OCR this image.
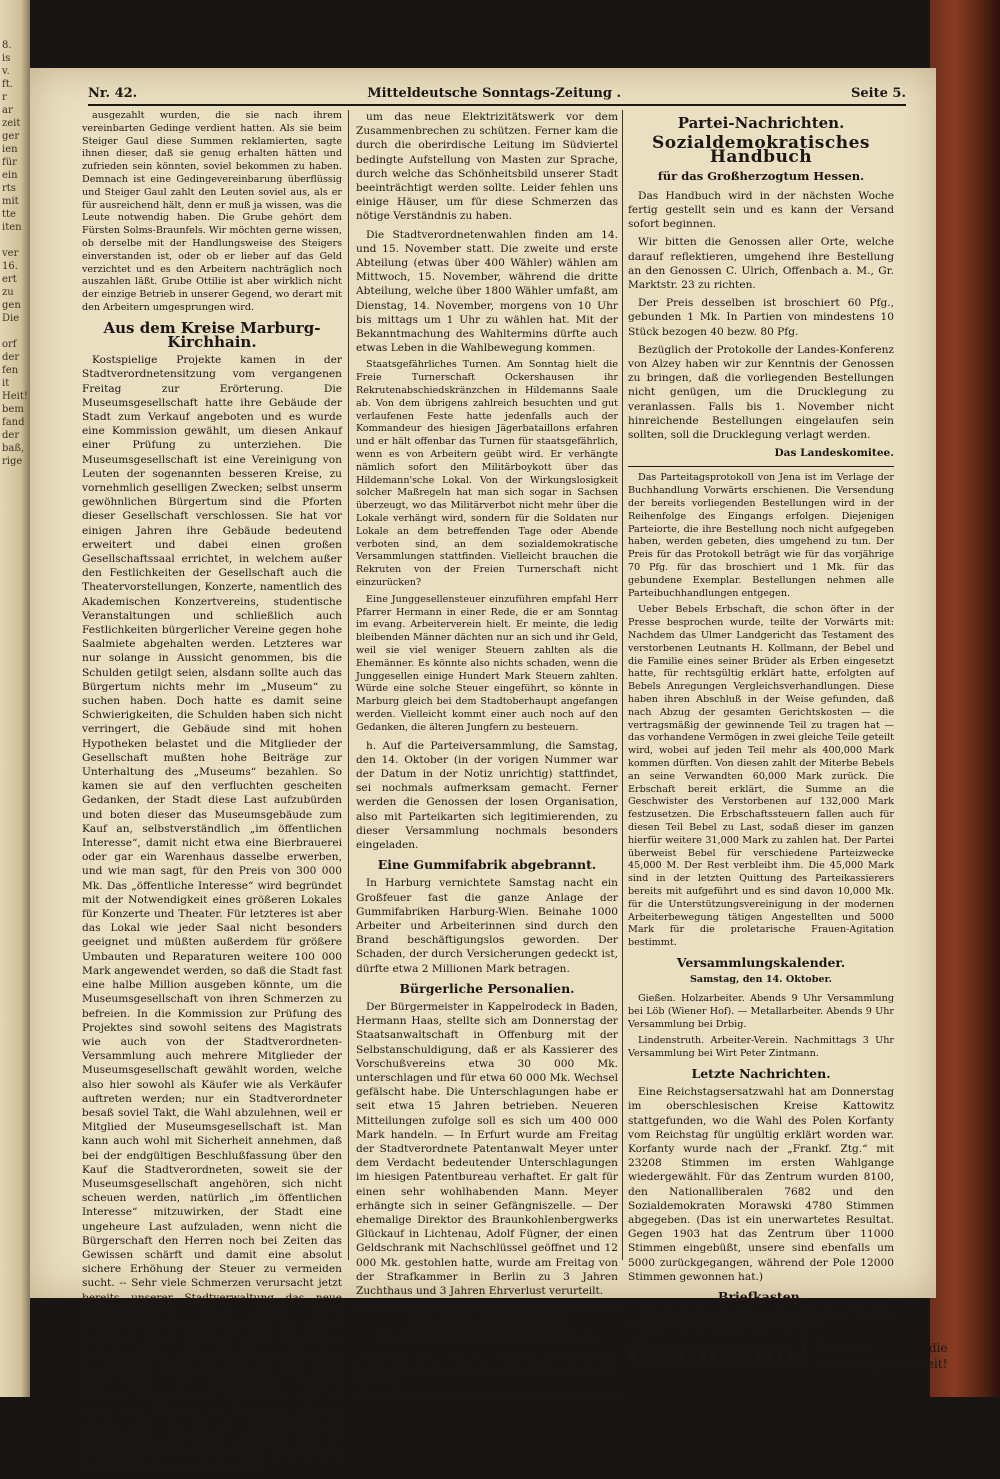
8.
is
v.
ft.
r
ar
zeit
ger
ien
für
ein
rts
mit
tte
iten

ver
16.
ert
zu
gen
Die

orf
der
fen
it
Heit!
bem
fand
der
baß,
rige
Nr. 42.	Mitteldeutsche Sonntags-Zeitung .	Seite 5.

ausgezahlt wurden, die sie nach ihrem vereinbarten Gedinge verdient hatten. Als sie beim Steiger Gaul diese Summen reklamierten, sagte ihnen dieser, daß sie genug erhalten hätten und zufrieden sein könnten, soviel bekommen zu haben. Demnach ist eine Gedingevereinbarung überflüssig und Steiger Gaul zahlt den Leuten soviel aus, als er für ausreichend hält, denn er muß ja wissen, was die Leute notwendig haben. Die Grube gehört dem Fürsten Solms-Braunfels. Wir möchten gerne wissen, ob derselbe mit der Handlungsweise des Steigers einverstanden ist, oder ob er lieber auf das Geld verzichtet und es den Arbeitern nachträglich noch auszahlen läßt. Grube Ottilie ist aber wirklich nicht der einzige Betrieb in unserer Gegend, wo derart mit den Arbeitern umgesprungen wird.

Aus dem Kreise Marburg-Kirchhain.

Kostspielige Projekte kamen in der Stadtverordnetensitzung vom vergangenen Freitag zur Erörterung. Die Museumsgesellschaft hatte ihre Gebäude der Stadt zum Verkauf angeboten und es wurde eine Kommission gewählt, um diesen Ankauf einer Prüfung zu unterziehen. Die Museumsgesellschaft ist eine Vereinigung von Leuten der sogenannten besseren Kreise, zu vornehmlich geselligen Zwecken; selbst unserm gewöhnlichen Bürgertum sind die Pforten dieser Gesellschaft verschlossen. Sie hat vor einigen Jahren ihre Gebäude bedeutend erweitert und dabei einen großen Gesellschaftssaal errichtet, in welchem außer den Festlichkeiten der Gesellschaft auch die Theatervorstellungen, Konzerte, namentlich des Akademischen Konzertvereins, studentische Veranstaltungen und schließlich auch Festlichkeiten bürgerlicher Vereine gegen hohe Saalmiete abgehalten werden. Letzteres war nur solange in Aussicht genommen, bis die Schulden getilgt seien, alsdann sollte auch das Bürgertum nichts mehr im „Museum“ zu suchen haben. Doch hatte es damit seine Schwierigkeiten, die Schulden haben sich nicht verringert, die Gebäude sind mit hohen Hypotheken belastet und die Mitglieder der Gesellschaft mußten hohe Beiträge zur Unterhaltung des „Museums“ bezahlen. So kamen sie auf den verfluchten gescheiten Gedanken, der Stadt diese Last aufzubürden und boten dieser das Museumsgebäude zum Kauf an, selbstverständlich „im öffentlichen Interesse“, damit nicht etwa eine Bierbrauerei oder gar ein Warenhaus dasselbe erwerben, und wie man sagt, für den Preis von 300 000 Mk. Das „öffentliche Interesse“ wird begründet mit der Notwendigkeit eines größeren Lokales für Konzerte und Theater. Für letzteres ist aber das Lokal wie jeder Saal nicht besonders geeignet und müßten außerdem für größere Umbauten und Reparaturen weitere 100 000 Mark angewendet werden, so daß die Stadt fast eine halbe Million ausgeben könnte, um die Museumsgesellschaft von ihren Schmerzen zu befreien. In die Kommission zur Prüfung des Projektes sind sowohl seitens des Magistrats wie auch von der Stadtverordneten-Versammlung auch mehrere Mitglieder der Museumsgesellschaft gewählt worden, welche also hier sowohl als Käufer wie als Verkäufer auftreten werden; nur ein Stadtverordneter besaß soviel Takt, die Wahl abzulehnen, weil er Mitglied der Museumsgesellschaft ist. Man kann auch wohl mit Sicherheit annehmen, daß bei der endgültigen Beschlußfassung über den Kauf die Stadtverordneten, soweit sie der Museumsgesellschaft angehören, sich nicht scheuen werden, natürlich „im öffentlichen Interesse“ mitzuwirken, der Stadt eine ungeheure Last aufzuladen, wenn nicht die Bürgerschaft den Herren noch bei Zeiten das Gewissen schärft und damit eine absolut sichere Erhöhung der Steuer zu vermeiden sucht. -- Sehr viele Schmerzen verursacht jetzt bereits unserer Stadtverwaltung das neue Elektrizitätswerk. Nach gutem altem Schöppenstedter Vorbild hat man ein solches modernes Werk in einer alten, morschen, niedrigen Mühle untergebracht, in welche man das Licht in Säcken hineintragen muß. Wenn diese Mühle als „Baudenkmal“ wirklich erhalten bleiben müßte, dann hätte man sie ruhig den Mäusen als Herberge belassen sollen, aber sie in ein Elektrizitätswerk umzuwandeln, das hätten schließlich auch die Schöppenstedter fertig gebracht. Jetzt müssen bereits Schienen gezogen werden,

um das neue Elektrizitätswerk vor dem Zusammenbrechen zu schützen. Ferner kam die durch die oberirdische Leitung im Südviertel bedingte Aufstellung von Masten zur Sprache, durch welche das Schönheitsbild unserer Stadt beeinträchtigt werden sollte. Leider fehlen uns einige Häuser, um für diese Schmerzen das nötige Verständnis zu haben.

Die Stadtverordnetenwahlen finden am 14. und 15. November statt. Die zweite und erste Abteilung (etwas über 400 Wähler) wählen am Mittwoch, 15. November, während die dritte Abteilung, welche über 1800 Wähler umfaßt, am Dienstag, 14. November, morgens von 10 Uhr bis mittags um 1 Uhr zu wählen hat. Mit der Bekanntmachung des Wahltermins dürfte auch etwas Leben in die Wahlbewegung kommen.

Staatsgefährliches Turnen. Am Sonntag hielt die Freie Turnerschaft Ockershausen ihr Rekrutenabschiedskränzchen in Hildemanns Saale ab. Von dem übrigens zahlreich besuchten und gut verlaufenen Feste hatte jedenfalls auch der Kommandeur des hiesigen Jägerbataillons erfahren und er hält offenbar das Turnen für staatsgefährlich, wenn es von Arbeitern geübt wird. Er verhängte nämlich sofort den Militärboykott über das Hildemann'sche Lokal. Von der Wirkungslosigkeit solcher Maßregeln hat man sich sogar in Sachsen überzeugt, wo das Militärverbot nicht mehr über die Lokale verhängt wird, sondern für die Soldaten nur Lokale an dem betreffenden Tage oder Abende verboten sind, an dem sozialdemokratische Versammlungen stattfinden. Vielleicht brauchen die Rekruten von der Freien Turnerschaft nicht einzurücken?

Eine Junggesellensteuer einzuführen empfahl Herr Pfarrer Hermann in einer Rede, die er am Sonntag im evang. Arbeiterverein hielt. Er meinte, die ledig bleibenden Männer dächten nur an sich und ihr Geld, weil sie viel weniger Steuern zahlten als die Ehemänner. Es könnte also nichts schaden, wenn die Junggesellen einige Hundert Mark Steuern zahlten. Würde eine solche Steuer eingeführt, so könnte in Marburg gleich bei dem Stadtoberhaupt angefangen werden. Vielleicht kommt einer auch noch auf den Gedanken, die älteren Jungfern zu besteuern.

h. Auf die Parteiversammlung, die Samstag, den 14. Oktober (in der vorigen Nummer war der Datum in der Notiz unrichtig) stattfindet, sei nochmals aufmerksam gemacht. Ferner werden die Genossen der losen Organisation, also mit Parteikarten sich legitimierenden, zu dieser Versammlung nochmals besonders eingeladen.

Eine Gummifabrik abgebrannt.

In Harburg vernichtete Samstag nacht ein Großfeuer fast die ganze Anlage der Gummifabriken Harburg-Wien. Beinahe 1000 Arbeiter und Arbeiterinnen sind durch den Brand beschäftigungslos geworden. Der Schaden, der durch Versicherungen gedeckt ist, dürfte etwa 2 Millionen Mark betragen.

Bürgerliche Personalien.

Der Bürgermeister in Kappelrodeck in Baden, Hermann Haas, stellte sich am Donnerstag der Staatsanwaltschaft in Offenburg mit der Selbstanschuldigung, daß er als Kassierer des Vorschußvereins etwa 30 000 Mk. unterschlagen und für etwa 60 000 Mk. Wechsel gefälscht habe. Die Unterschlagungen habe er seit etwa 15 Jahren betrieben. Neueren Mitteilungen zufolge soll es sich um 400 000 Mark handeln. — In Erfurt wurde am Freitag der Stadtverordnete Patentanwalt Meyer unter dem Verdacht bedeutender Unterschlagungen im hiesigen Patentbureau verhaftet. Er galt für einen sehr wohlhabenden Mann. Meyer erhängte sich in seiner Gefängniszelle. — Der ehemalige Direktor des Braunkohlenbergwerks Glückauf in Lichtenau, Adolf Fügner, der einen Geldschrank mit Nachschlüssel geöffnet und 12 000 Mk. gestohlen hatte, wurde am Freitag von der Strafkammer in Berlin zu 3 Jahren Zuchthaus und 3 Jahren Ehrverlust verurteilt.

Das Landessekretariat
der sozialdemokratischen Partei Hessens

befindet sich seit 1. Oktober in Offenbach, Bahnhofstraße 39. Sekretär ist Reichstagsabgeordn. Dr. David.

Partei-Nachrichten.
Sozialdemokratisches Handbuch
für das Großherzogtum Hessen.

Das Handbuch wird in der nächsten Woche fertig gestellt sein und es kann der Versand sofort beginnen.

Wir bitten die Genossen aller Orte, welche darauf reflektieren, umgehend ihre Bestellung an den Genossen C. Ulrich, Offenbach a. M., Gr. Marktstr. 23 zu richten.

Der Preis desselben ist broschiert 60 Pfg., gebunden 1 Mk. In Partien von mindestens 10 Stück bezogen 40 bezw. 80 Pfg.

Bezüglich der Protokolle der Landes-Konferenz von Alzey haben wir zur Kenntnis der Genossen zu bringen, daß die vorliegenden Bestellungen nicht genügen, um die Drucklegung zu veranlassen. Falls bis 1. November nicht hinreichende Bestellungen eingelaufen sein sollten, soll die Drucklegung verlagt werden.

Das Landeskomitee.

Das Parteitagsprotokoll von Jena ist im Verlage der Buchhandlung Vorwärts erschienen. Die Versendung der bereits vorliegenden Bestellungen wird in der Reihenfolge des Eingangs erfolgen. Diejenigen Parteiorte, die ihre Bestellung noch nicht aufgegeben haben, werden gebeten, dies umgehend zu tun. Der Preis für das Protokoll beträgt wie für das vorjährige 70 Pfg. für das broschiert und 1 Mk. für das gebundene Exemplar. Bestellungen nehmen alle Parteibuchhandlungen entgegen.

Ueber Bebels Erbschaft, die schon öfter in der Presse besprochen wurde, teilte der Vorwärts mit: Nachdem das Ulmer Landgericht das Testament des verstorbenen Leutnants H. Kollmann, der Bebel und die Familie eines seiner Brüder als Erben eingesetzt hatte, für rechtsgültig erklärt hatte, erfolgten auf Bebels Anregungen Vergleichsverhandlungen. Diese haben ihren Abschluß in der Weise gefunden, daß nach Abzug der gesamten Gerichtskosten — die vertragsmäßig der gewinnende Teil zu tragen hat — das vorhandene Vermögen in zwei gleiche Teile geteilt wird, wobei auf jeden Teil mehr als 400,000 Mark kommen dürften. Von diesen zahlt der Miterbe Bebels an seine Verwandten 60,000 Mark zurück. Die Erbschaft bereit erklärt, die Summe an die Geschwister des Verstorbenen auf 132,000 Mark festzusetzen. Die Erbschaftssteuern fallen auch für diesen Teil Bebel zu Last, sodaß dieser im ganzen hierfür weitere 31,000 Mark zu zahlen hat. Der Partei überweist Bebel für verschiedene Parteizwecke 45,000 M. Der Rest verbleibt ihm. Die 45,000 Mark sind in der letzten Quittung des Parteikassierers bereits mit aufgeführt und es sind davon 10,000 Mk. für die Unterstützungsvereinigung in der modernen Arbeiterbewegung tätigen Angestellten und 5000 Mark für die proletarische Frauen-Agitation bestimmt.

Versammlungskalender.
Samstag, den 14. Oktober.

Gießen. Holzarbeiter. Abends 9 Uhr Versammlung bei Löb (Wiener Hof). — Metallarbeiter. Abends 9 Uhr Versammlung bei Drbig.

Lindenstruth. Arbeiter-Verein. Nachmittags 3 Uhr Versammlung bei Wirt Peter Zintmann.

Letzte Nachrichten.

Eine Reichstagsersatzwahl hat am Donnerstag im oberschlesischen Kreise Kattowitz stattgefunden, wo die Wahl des Polen Korfanty vom Reichstag für ungültig erklärt worden war. Korfanty wurde nach der „Frankf. Ztg.“ mit 23208 Stimmen im ersten Wahlgange wiedergewählt. Für das Zentrum wurden 8100, den Nationalliberalen 7682 und den Sozialdemokraten Morawski 4780 Stimmen abgegeben. (Das ist ein unerwartetes Resultat. Gegen 1903 hat das Zentrum über 11000 Stimmen eingebüßt, unsere sind ebenfalls um 5000 zurückgegangen, während der Pole 12000 Stimmen gewonnen hat.)

Briefkasten.

Slbg. Losholzgeschichte erscheint bestimmt nächste Nummer. X Mbg. Einiges zurückgestellt.

Genossen! Erwerbt die Staatsangehörigkeit!
